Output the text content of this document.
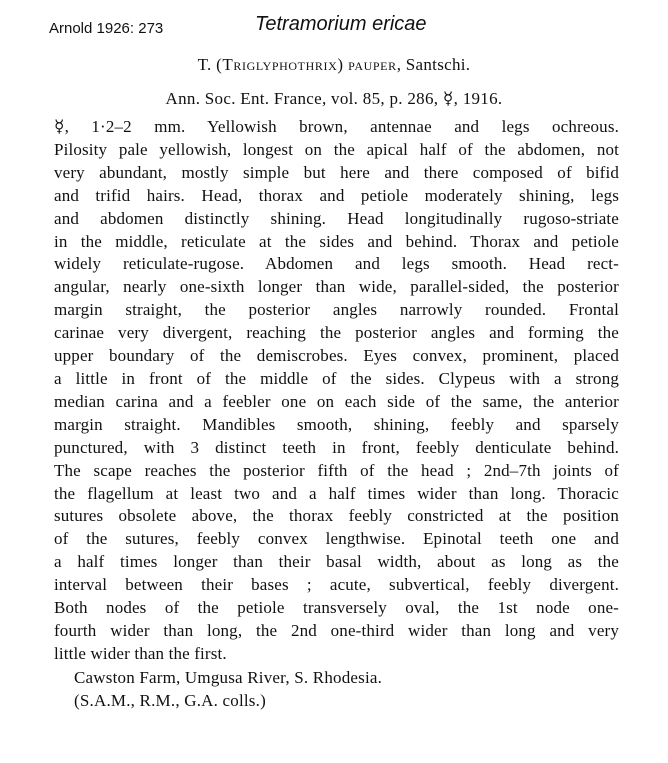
Arnold 1926: 273	Tetramorium ericae
T. (Triglyphothrix) pauper, Santschi.
Ann. Soc. Ent. France, vol. 85, p. 286, ☿, 1916.
☿, 1·2–2 mm. Yellowish brown, antennae and legs ochreous.
Pilosity pale yellowish, longest on the apical half of the abdomen, not
very abundant, mostly simple but here and there composed of bifid
and trifid hairs. Head, thorax and petiole moderately shining, legs
and abdomen distinctly shining. Head longitudinally rugoso-striate
in the middle, reticulate at the sides and behind. Thorax and petiole
widely reticulate-rugose. Abdomen and legs smooth. Head rect-
angular, nearly one-sixth longer than wide, parallel-sided, the posterior
margin straight, the posterior angles narrowly rounded. Frontal
carinae very divergent, reaching the posterior angles and forming the
upper boundary of the demiscrobes. Eyes convex, prominent, placed
a little in front of the middle of the sides. Clypeus with a strong
median carina and a feebler one on each side of the same, the anterior
margin straight. Mandibles smooth, shining, feebly and sparsely
punctured, with 3 distinct teeth in front, feebly denticulate behind.
The scape reaches the posterior fifth of the head ; 2nd–7th joints of
the flagellum at least two and a half times wider than long. Thoracic
sutures obsolete above, the thorax feebly constricted at the position
of the sutures, feebly convex lengthwise. Epinotal teeth one and
a half times longer than their basal width, about as long as the
interval between their bases ; acute, subvertical, feebly divergent.
Both nodes of the petiole transversely oval, the 1st node one-
fourth wider than long, the 2nd one-third wider than long and very
little wider than the first.
Cawston Farm, Umgusa River, S. Rhodesia.
(S.A.M., R.M., G.A. colls.)
